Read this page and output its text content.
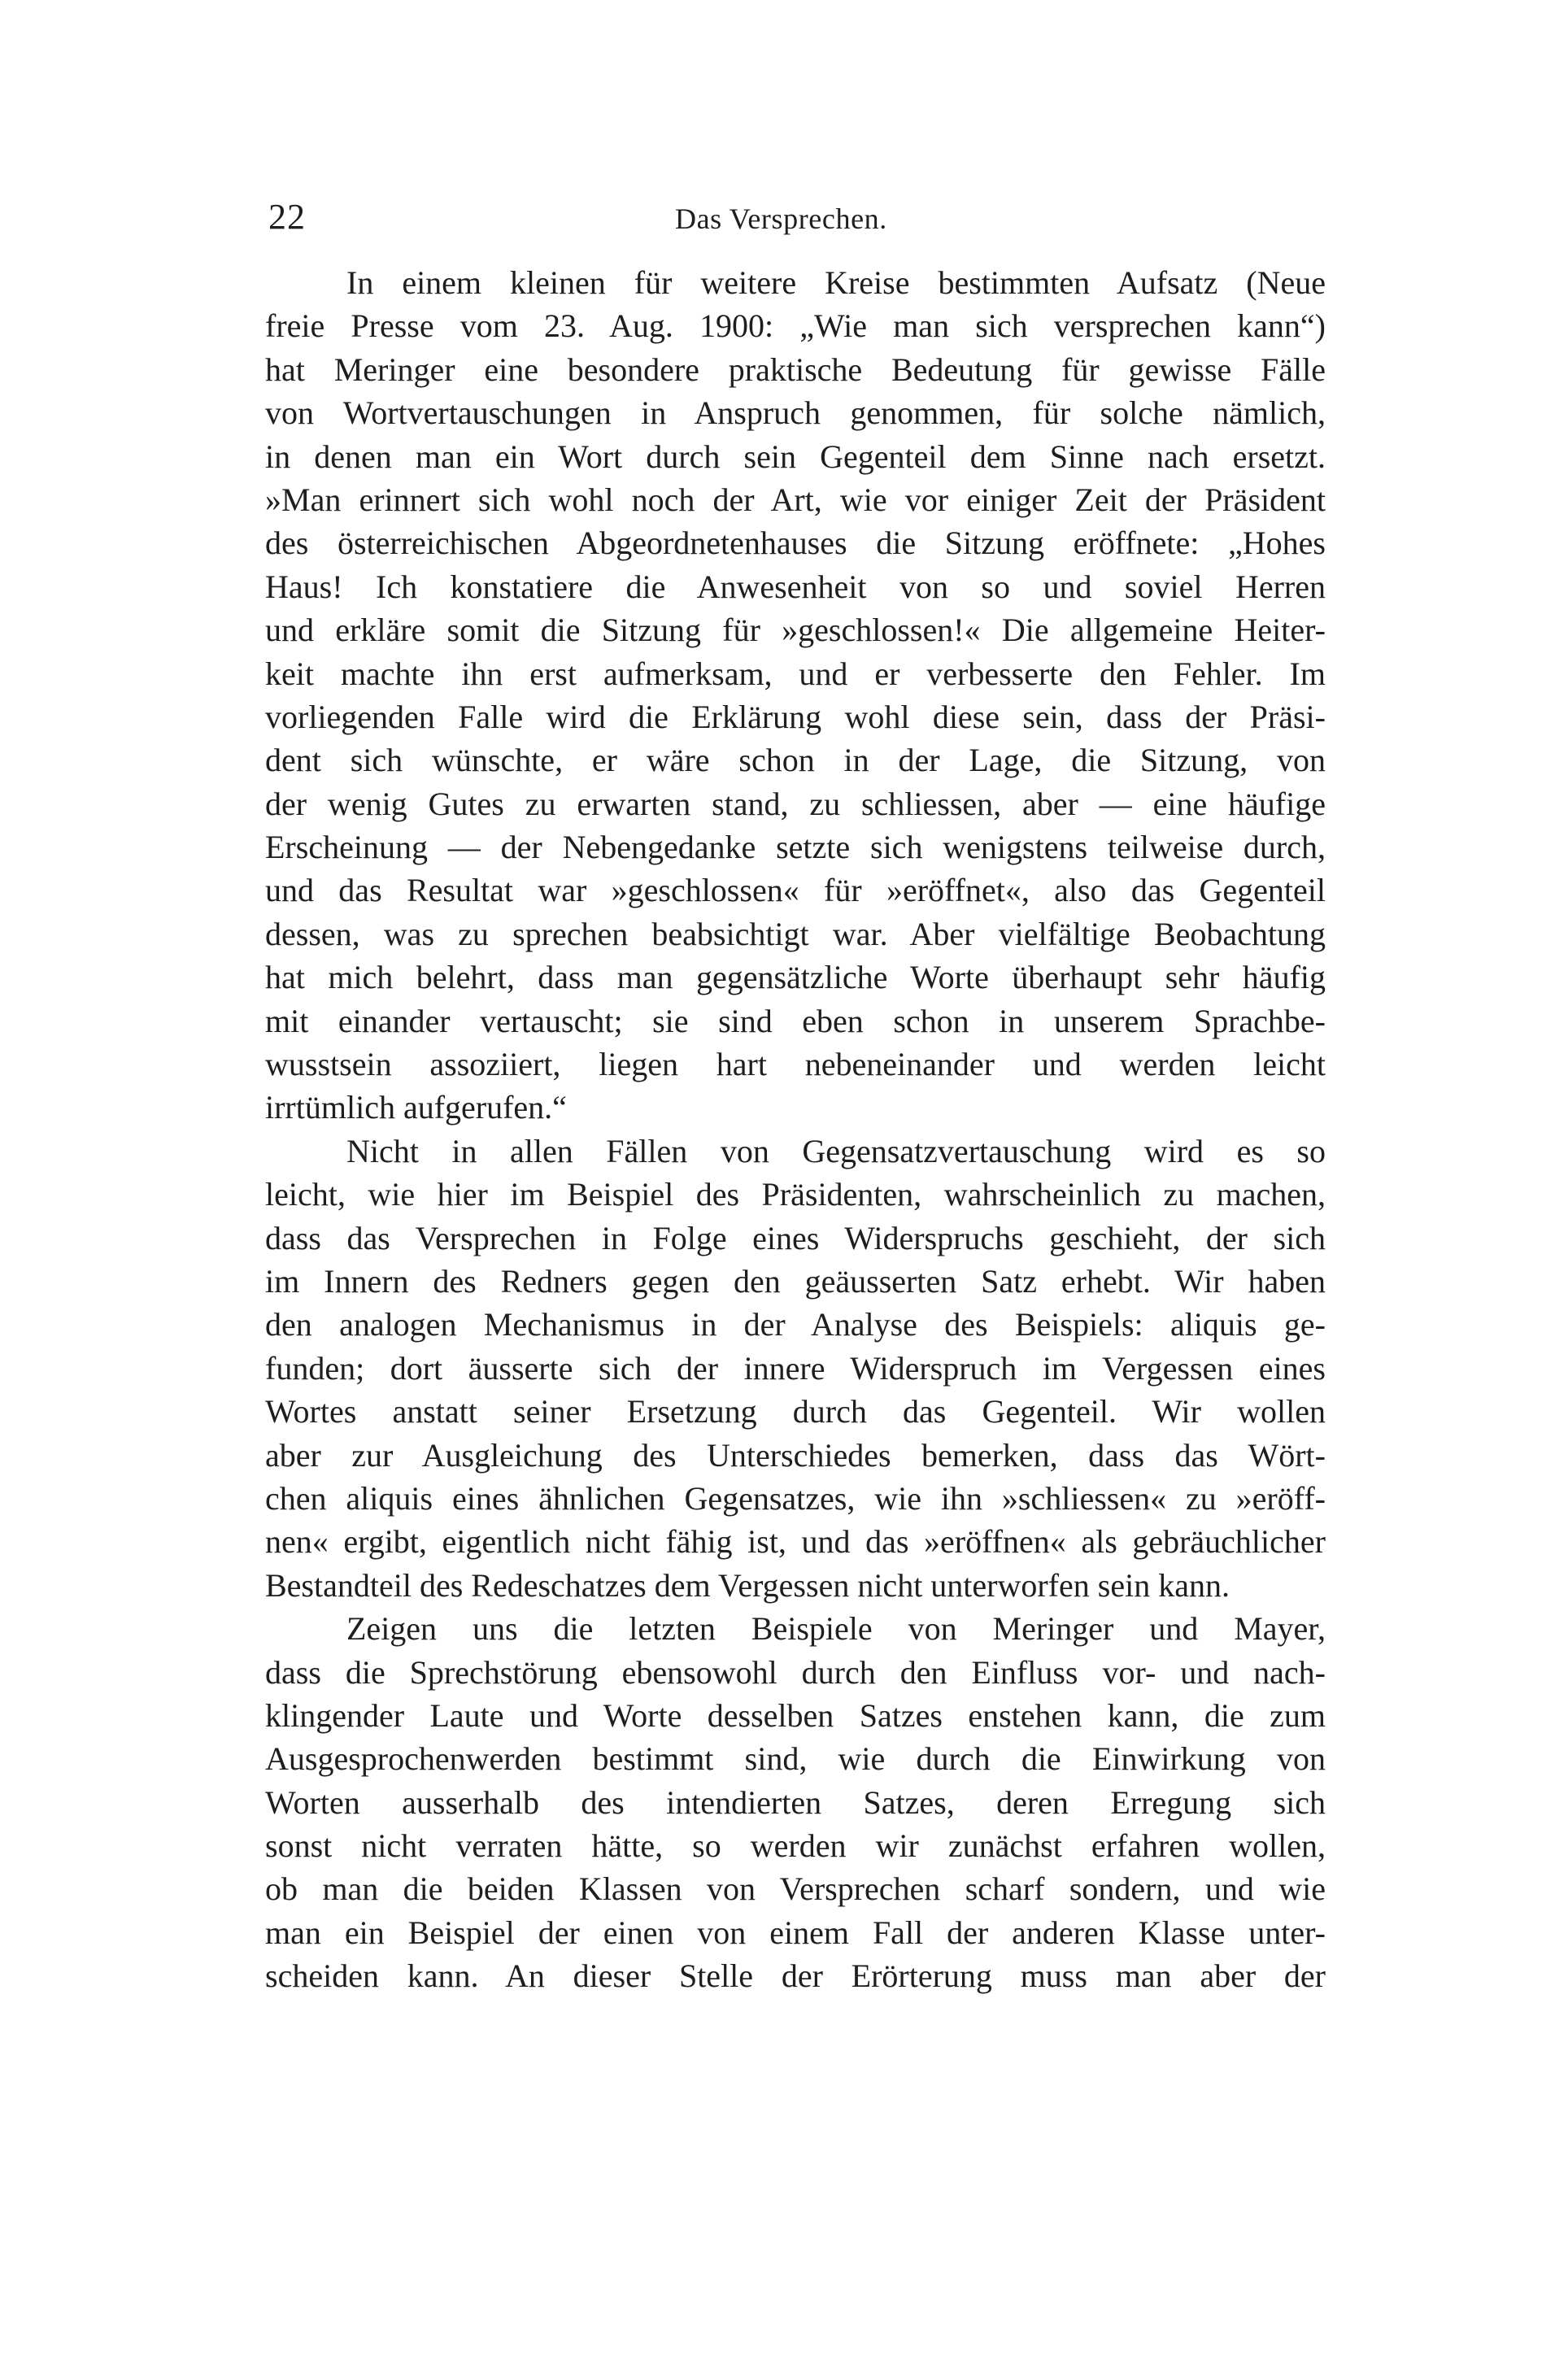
22	Das Versprechen.
In einem kleinen für weitere Kreise bestimmten Aufsatz (Neue
freie Presse vom 23. Aug. 1900: „Wie man sich versprechen kann“)
hat Meringer eine besondere praktische Bedeutung für gewisse Fälle
von Wortvertauschungen in Anspruch genommen, für solche nämlich,
in denen man ein Wort durch sein Gegenteil dem Sinne nach ersetzt.
»Man erinnert sich wohl noch der Art, wie vor einiger Zeit der Präsident
des österreichischen Abgeordnetenhauses die Sitzung eröffnete: „Hohes
Haus! Ich konstatiere die Anwesenheit von so und soviel Herren
und erkläre somit die Sitzung für »geschlossen!« Die allgemeine Heiter-
keit machte ihn erst aufmerksam, und er verbesserte den Fehler. Im
vorliegenden Falle wird die Erklärung wohl diese sein, dass der Präsi-
dent sich wünschte, er wäre schon in der Lage, die Sitzung, von
der wenig Gutes zu erwarten stand, zu schliessen, aber — eine häufige
Erscheinung — der Nebengedanke setzte sich wenigstens teilweise durch,
und das Resultat war »geschlossen« für »eröffnet«, also das Gegenteil
dessen, was zu sprechen beabsichtigt war. Aber vielfältige Beobachtung
hat mich belehrt, dass man gegensätzliche Worte überhaupt sehr häufig
mit einander vertauscht; sie sind eben schon in unserem Sprachbe-
wusstsein assoziiert, liegen hart nebeneinander und werden leicht
irrtümlich aufgerufen.“
Nicht in allen Fällen von Gegensatzvertauschung wird es so
leicht, wie hier im Beispiel des Präsidenten, wahrscheinlich zu machen,
dass das Versprechen in Folge eines Widerspruchs geschieht, der sich
im Innern des Redners gegen den geäusserten Satz erhebt. Wir haben
den analogen Mechanismus in der Analyse des Beispiels: aliquis ge-
funden; dort äusserte sich der innere Widerspruch im Vergessen eines
Wortes anstatt seiner Ersetzung durch das Gegenteil. Wir wollen
aber zur Ausgleichung des Unterschiedes bemerken, dass das Wört-
chen aliquis eines ähnlichen Gegensatzes, wie ihn »schliessen« zu »eröff-
nen« ergibt, eigentlich nicht fähig ist, und das »eröffnen« als gebräuchlicher
Bestandteil des Redeschatzes dem Vergessen nicht unterworfen sein kann.
Zeigen uns die letzten Beispiele von Meringer und Mayer,
dass die Sprechstörung ebensowohl durch den Einfluss vor- und nach-
klingender Laute und Worte desselben Satzes enstehen kann, die zum
Ausgesprochenwerden bestimmt sind, wie durch die Einwirkung von
Worten ausserhalb des intendierten Satzes, deren Erregung sich
sonst nicht verraten hätte, so werden wir zunächst erfahren wollen,
ob man die beiden Klassen von Versprechen scharf sondern, und wie
man ein Beispiel der einen von einem Fall der anderen Klasse unter-
scheiden kann. An dieser Stelle der Erörterung muss man aber der
